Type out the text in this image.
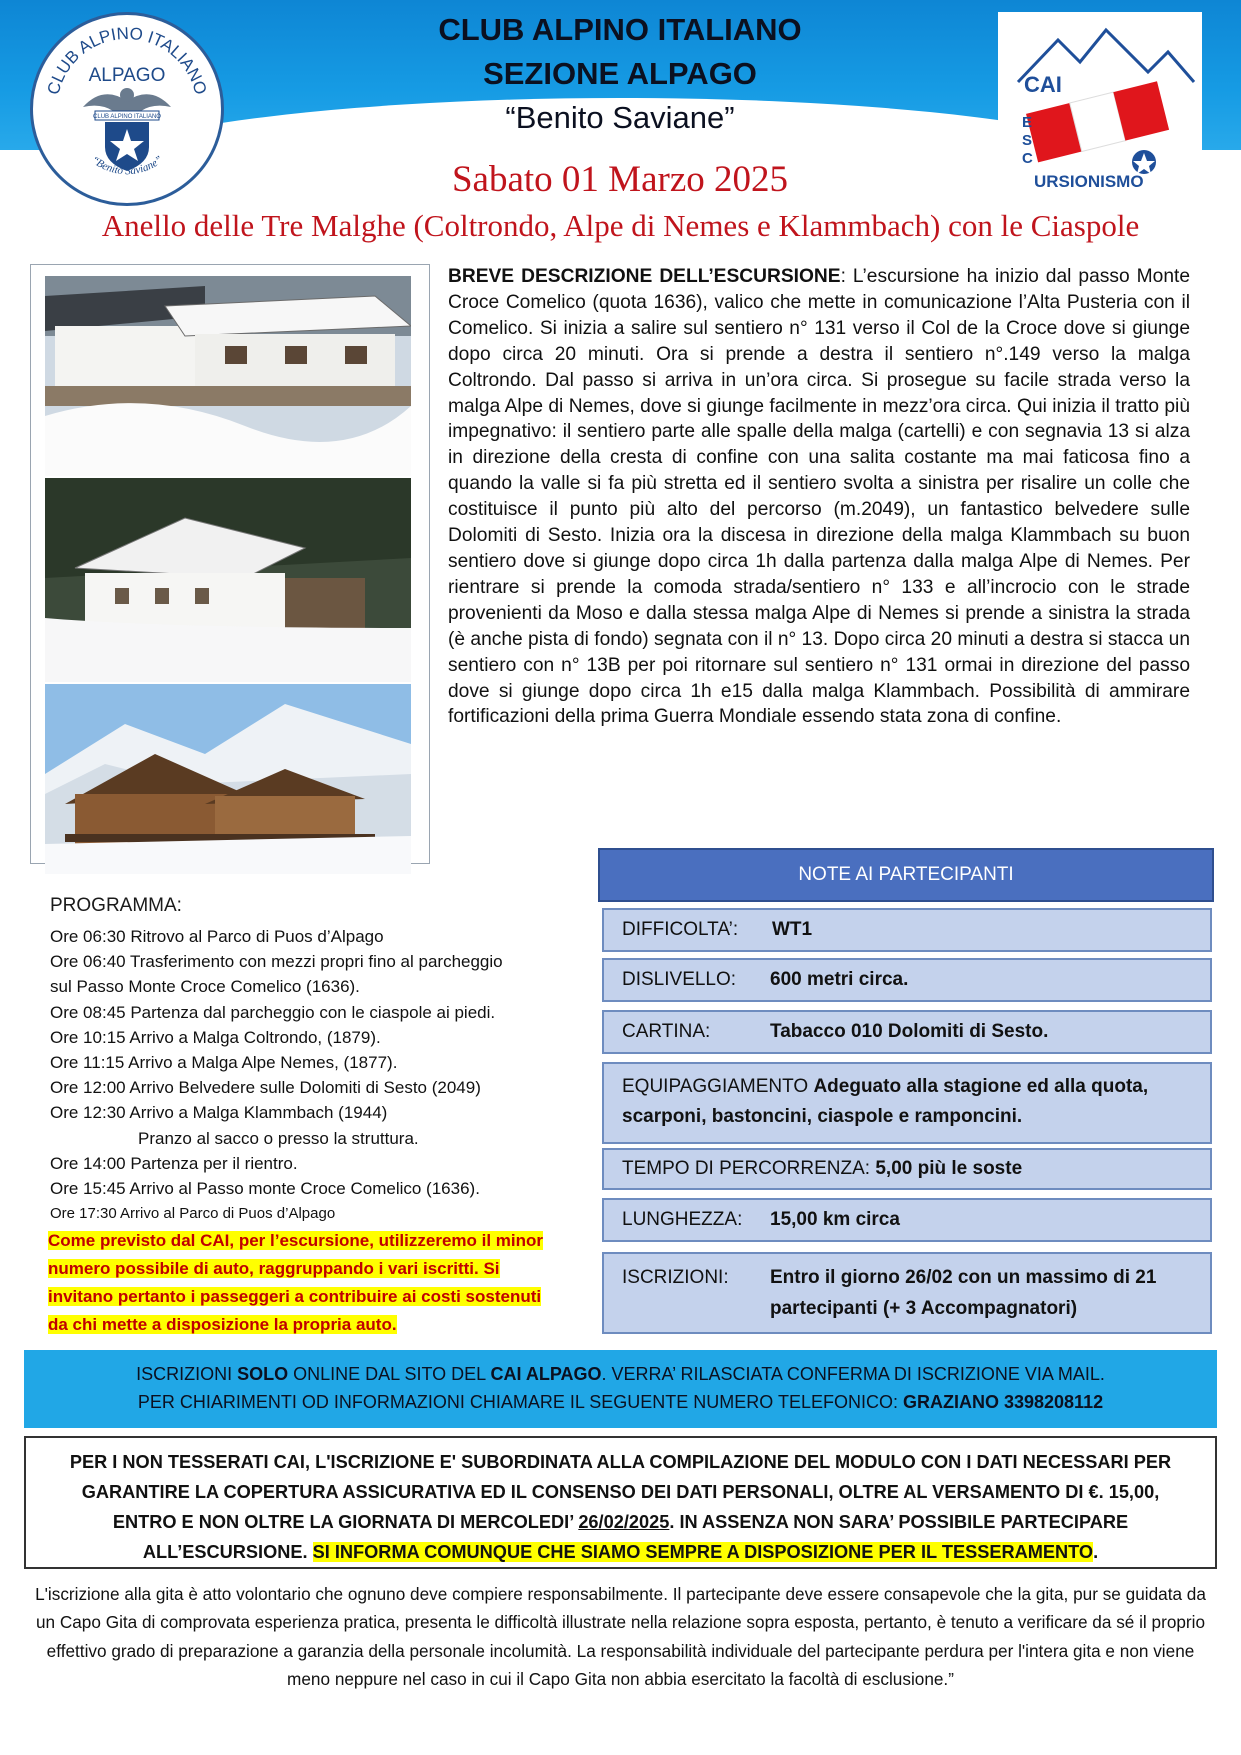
CLUB ALPINO ITALIANO
ALPAGO
CLUB ALPINO ITALIANO
“Benito Saviane”
CAI
ESC
URSIONISMO
CLUB ALPINO ITALIANO
SEZIONE ALPAGO
“Benito Saviane”
Sabato 01 Marzo 2025
Anello delle Tre Malghe (Coltrondo, Alpe di Nemes e Klammbach) con le Ciaspole
BREVE DESCRIZIONE DELL’ESCURSIONE: L’escursione ha inizio dal passo Monte Croce Comelico (quota 1636), valico che mette in comunicazione l’Alta Pusteria con il Comelico. Si inizia a salire sul sentiero n° 131 verso il Col de la Croce dove si giunge dopo circa 20 minuti. Ora si prende a destra il sentiero n°.149 verso la malga Coltrondo. Dal passo si arriva in un’ora circa. Si prosegue su facile strada verso la malga Alpe di Nemes, dove si giunge facilmente in mezz’ora circa. Qui inizia il tratto più impegnativo: il sentiero parte alle spalle della malga (cartelli) e con segnavia 13 si alza in direzione della cresta di confine con una salita costante ma mai faticosa fino a quando la valle si fa più stretta ed il sentiero svolta a sinistra per risalire un colle che costituisce il punto più alto del percorso (m.2049), un fantastico belvedere sulle Dolomiti di Sesto. Inizia ora la discesa in direzione della malga Klammbach su buon sentiero dove si giunge dopo circa 1h dalla partenza dalla malga Alpe di Nemes. Per rientrare si prende la comoda strada/sentiero n° 133 e all’incrocio con le strade provenienti da Moso e dalla stessa malga Alpe di Nemes si prende a sinistra la strada (è anche pista di fondo) segnata con il n° 13. Dopo circa 20 minuti a destra si stacca un sentiero con n° 13B per poi ritornare sul sentiero n° 131 ormai in direzione del passo dove si giunge dopo circa 1h e15 dalla malga Klammbach. Possibilità di ammirare fortificazioni della prima Guerra Mondiale essendo stata zona di confine.
PROGRAMMA:
Ore 06:30 Ritrovo al Parco di Puos d’Alpago
Ore 06:40 Trasferimento con mezzi propri fino al parcheggio
sul Passo Monte Croce Comelico (1636).
Ore 08:45 Partenza dal parcheggio con le ciaspole ai piedi.
Ore 10:15 Arrivo a Malga Coltrondo, (1879).
Ore 11:15 Arrivo a Malga Alpe Nemes, (1877).
Ore 12:00 Arrivo Belvedere sulle Dolomiti di Sesto (2049)
Ore 12:30 Arrivo a Malga Klammbach (1944)
Pranzo al sacco o presso la struttura.
Ore 14:00 Partenza per il rientro.
Ore 15:45 Arrivo al Passo monte Croce Comelico (1636).
Ore 17:30 Arrivo al Parco di Puos d’Alpago
Come previsto dal CAI, per l’escursione, utilizzeremo il minor numero possibile di auto, raggruppando i vari iscritti. Si invitano pertanto i passeggeri a contribuire ai costi sostenuti da chi mette a disposizione la propria auto.
NOTE AI PARTECIPANTI
DIFFICOLTA’: WT1
DISLIVELLO: 600 metri circa.
CARTINA:	Tabacco 010 Dolomiti di Sesto.
EQUIPAGGIAMENTO Adeguato alla stagione ed alla quota,
scarponi, bastoncini, ciaspole e ramponcini.
TEMPO DI PERCORRENZA: 5,00 più le soste
LUNGHEZZA: 15,00 km circa
ISCRIZIONI:	Entro il giorno 26/02 con un massimo di 21
partecipanti (+ 3 Accompagnatori)
ISCRIZIONI SOLO ONLINE DAL SITO DEL CAI ALPAGO. VERRA’ RILASCIATA CONFERMA DI ISCRIZIONE VIA MAIL.
PER CHIARIMENTI OD INFORMAZIONI CHIAMARE IL SEGUENTE NUMERO TELEFONICO: GRAZIANO 3398208112
PER I NON TESSERATI CAI, L'ISCRIZIONE E' SUBORDINATA ALLA COMPILAZIONE DEL MODULO CON I DATI NECESSARI PER GARANTIRE LA COPERTURA ASSICURATIVA ED IL CONSENSO DEI DATI PERSONALI, OLTRE AL VERSAMENTO DI €. 15,00, ENTRO E NON OLTRE LA GIORNATA DI MERCOLEDI’ 26/02/2025. IN ASSENZA NON SARA’ POSSIBILE PARTECIPARE ALL’ESCURSIONE. SI INFORMA COMUNQUE CHE SIAMO SEMPRE A DISPOSIZIONE PER IL TESSERAMENTO.
L'iscrizione alla gita è atto volontario che ognuno deve compiere responsabilmente. Il partecipante deve essere consapevole che la gita, pur se guidata da un Capo Gita di comprovata esperienza pratica, presenta le difficoltà illustrate nella relazione sopra esposta, pertanto, è tenuto a verificare da sé il proprio effettivo grado di preparazione a garanzia della personale incolumità. La responsabilità individuale del partecipante perdura per l'intera gita e non viene meno neppure nel caso in cui il Capo Gita non abbia esercitato la facoltà di esclusione.”
